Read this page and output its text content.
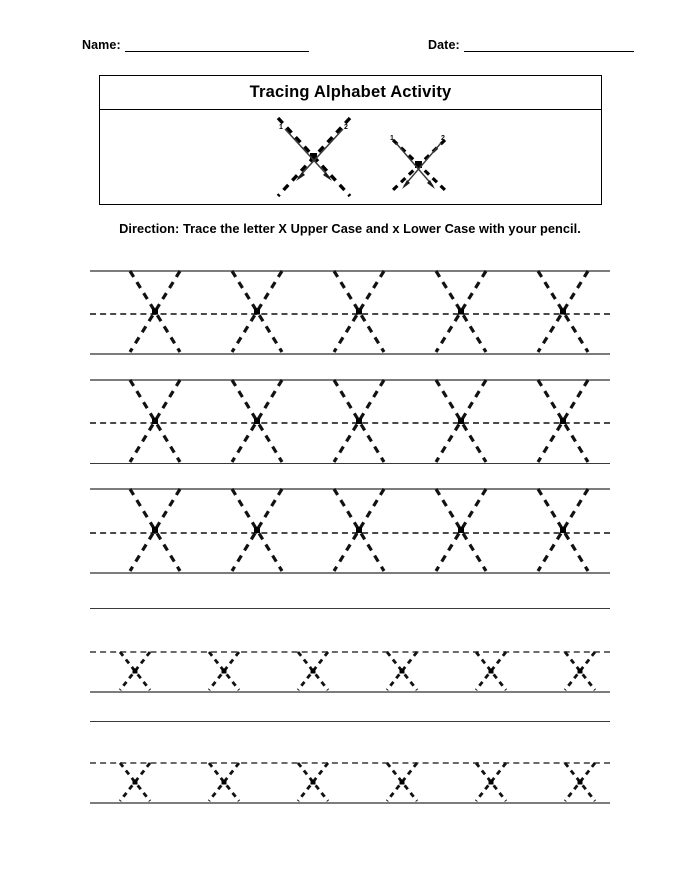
Name:	Date:
Tracing Alphabet Activity
1	2
1	2
Direction: Trace the letter X Upper Case and x Lower Case with your pencil.
